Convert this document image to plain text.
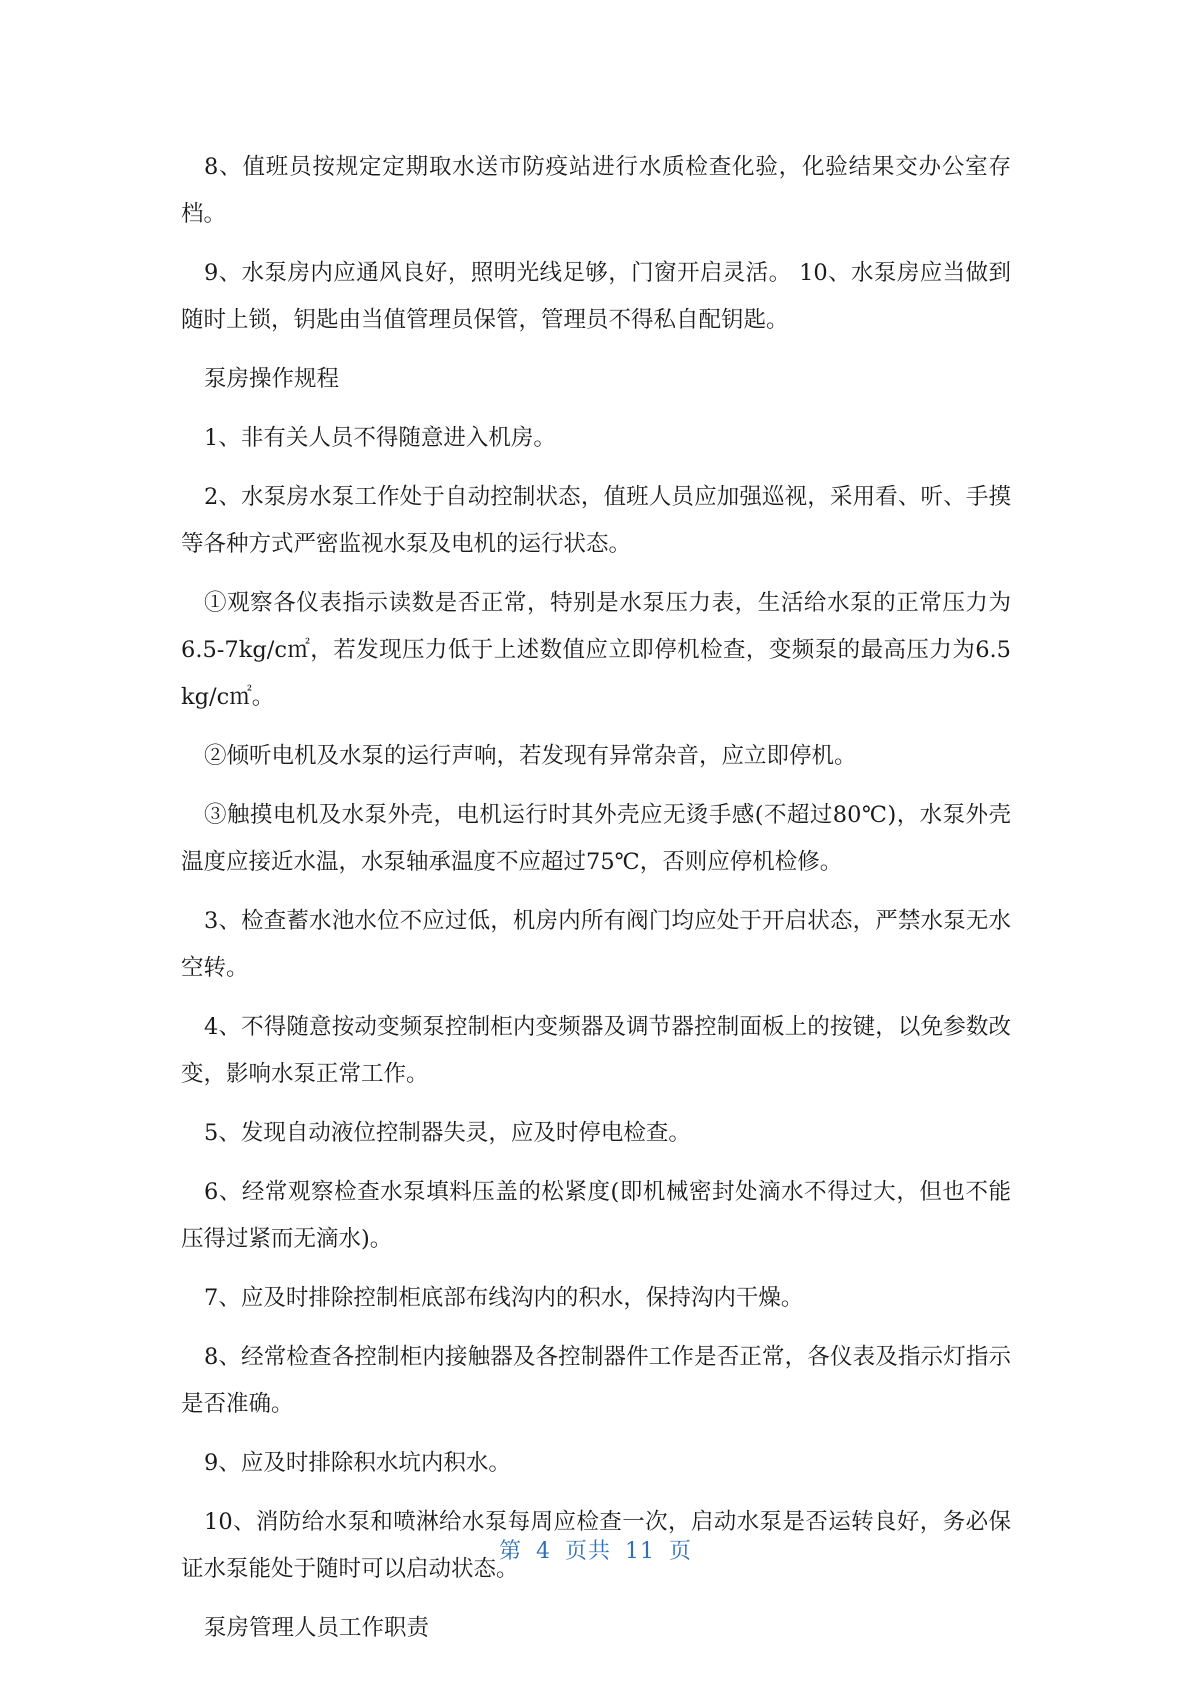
8、值班员按规定定期取水送市防疫站进行水质检查化验，化验结果交办公室存档。

9、水泵房内应通风良好，照明光线足够，门窗开启灵活。 10、水泵房应当做到随时上锁，钥匙由当值管理员保管，管理员不得私自配钥匙。

泵房操作规程

1、非有关人员不得随意进入机房。

2、水泵房水泵工作处于自动控制状态，值班人员应加强巡视，采用看、听、手摸等各种方式严密监视水泵及电机的运行状态。

①观察各仪表指示读数是否正常，特别是水泵压力表，生活给水泵的正常压力为6.5-7kg/c㎡，若发现压力低于上述数值应立即停机检查，变频泵的最高压力为6.5kg/c㎡。

②倾听电机及水泵的运行声响，若发现有异常杂音，应立即停机。

③触摸电机及水泵外壳，电机运行时其外壳应无烫手感(不超过80℃)，水泵外壳温度应接近水温，水泵轴承温度不应超过75℃，否则应停机检修。

3、检查蓄水池水位不应过低，机房内所有阀门均应处于开启状态，严禁水泵无水空转。

4、不得随意按动变频泵控制柜内变频器及调节器控制面板上的按键，以免参数改变，影响水泵正常工作。

5、发现自动液位控制器失灵，应及时停电检查。

6、经常观察检查水泵填料压盖的松紧度(即机械密封处滴水不得过大，但也不能压得过紧而无滴水)。

7、应及时排除控制柜底部布线沟内的积水，保持沟内干燥。

8、经常检查各控制柜内接触器及各控制器件工作是否正常，各仪表及指示灯指示是否准确。

9、应及时排除积水坑内积水。

10、消防给水泵和喷淋给水泵每周应检查一次，启动水泵是否运转良好，务必保证水泵能处于随时可以启动状态。

泵房管理人员工作职责

第 4 页共 11 页
